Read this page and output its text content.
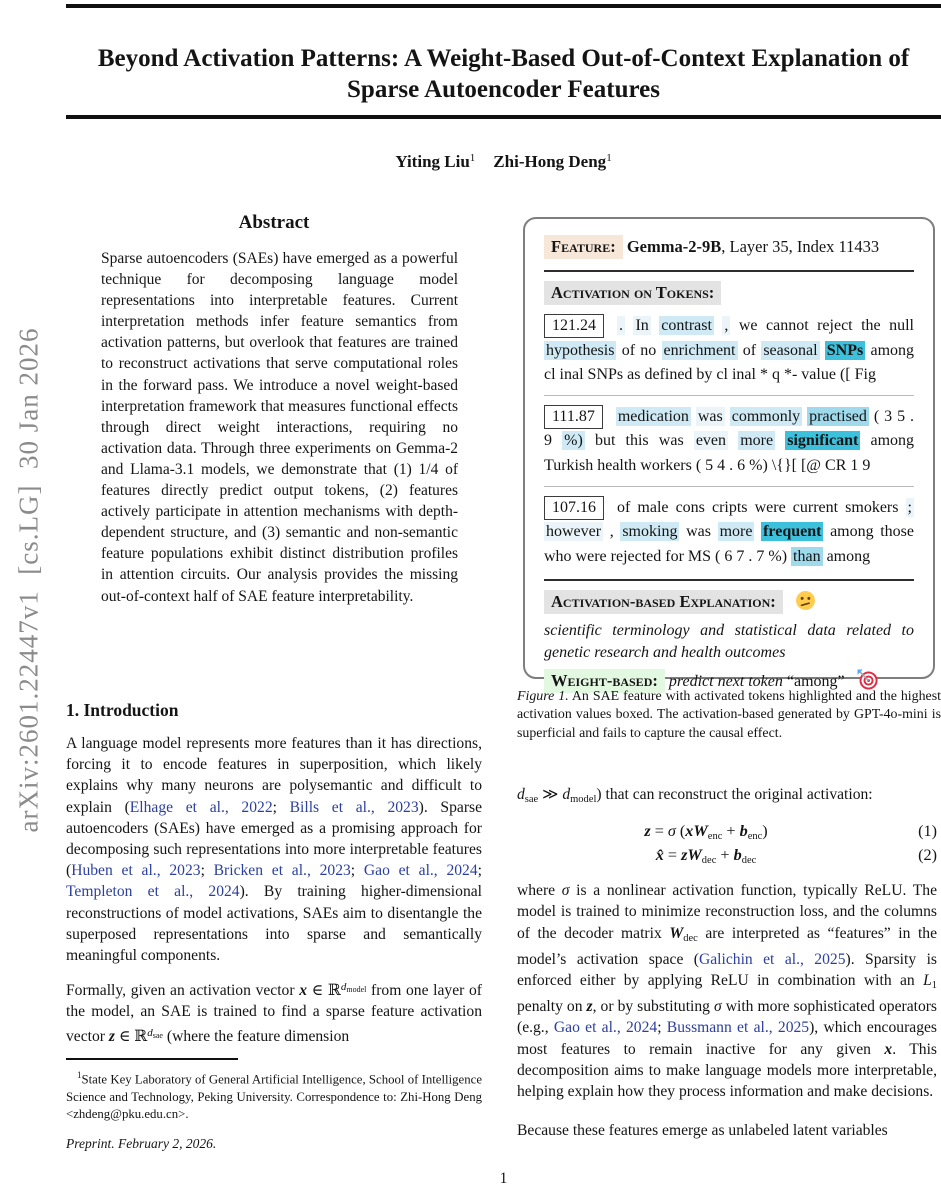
arXiv:2601.22447v1  [cs.LG]  30 Jan 2026
Beyond Activation Patterns: A Weight-Based Out-of-Context Explanation of Sparse Autoencoder Features
Yiting Liu$^1$ Zhi-Hong Deng$^1$
Abstract
Sparse autoencoders (SAEs) have emerged as a powerful technique for decomposing language model representations into interpretable features. Current interpretation methods infer feature semantics from activation patterns, but overlook that features are trained to reconstruct activations that serve computational roles in the forward pass. We introduce a novel weight-based interpretation framework that measures functional effects through direct weight interactions, requiring no activation data. Through three experiments on Gemma-2 and Llama-3.1 models, we demonstrate that (1) 1/4 of features directly predict output tokens, (2) features actively participate in attention mechanisms with depth-dependent structure, and (3) semantic and non-semantic feature populations exhibit distinct distribution profiles in attention circuits. Our analysis provides the missing out-of-context half of SAE feature interpretability.
1. Introduction

A language model represents more features than it has directions, forcing it to encode features in superposition, which likely explains why many neurons are polysemantic and difficult to explain (Elhage et al., 2022; Bills et al., 2023). Sparse autoencoders (SAEs) have emerged as a promising approach for decomposing such representations into more interpretable features (Huben et al., 2023; Bricken et al., 2023; Gao et al., 2024; Templeton et al., 2024). By training higher-dimensional reconstructions of model activations, SAEs aim to disentangle the superposed representations into sparse and semantically meaningful components.

Formally, given an activation vector x ∈ ℝ$^d$model from one layer of the model, an SAE is trained to find a sparse feature activation vector z ∈ ℝ$^d$sae (where the feature dimension

$^1$State Key Laboratory of General Artificial Intelligence, School of Intelligence Science and Technology, Peking University. Correspondence to: Zhi-Hong Deng <zhdeng@pku.edu.cn>.
Preprint. February 2, 2026.
Feature: Gemma-2-9B, Layer 35, Index 11433
Activation on Tokens:
121.24 . In contrast , we cannot reject the null hypothesis of no enrichment of seasonal SNPs among cl inal SNPs as defined by cl inal * q *- value ([ Fig
111.87 medication was commonly practised ( 3 5 . 9 %) but this was even more significant among Turkish health workers ( 5 4 . 6 %) \{}[ [@ CR 1 9
107.16 of male cons cripts were current smokers ; however , smoking was more frequent among those who were rejected for MS ( 6 7 . 7 %) than among
Activation-based Explanation:
scientific terminology and statistical data related to genetic research and health outcomes
Weight-based: predict next token “among”
Figure 1. An SAE feature with activated tokens highlighted and the highest activation values boxed. The activation-based generated by GPT-4o-mini is superficial and fails to capture the causal effect.

$d_{sae}$ ≫ $d_{model}$) that can reconstruct the original activation:

z = σ $(xW_{enc} + b_{enc})$	(1)
x̂ = $zW_{dec} + b_{dec}$	(2)

where σ is a nonlinear activation function, typically ReLU. The model is trained to minimize reconstruction loss, and the columns of the decoder matrix $W_{dec}$ are interpreted as “features” in the model’s activation space (Galichin et al., 2025). Sparsity is enforced either by applying ReLU in combination with an $L_1$ penalty on z, or by substituting σ with more sophisticated operators (e.g., Gao et al., 2024; Bussmann et al., 2025), which encourages most features to remain inactive for any given x. This decomposition aims to make language models more interpretable, helping explain how they process information and make decisions.

Because these features emerge as unlabeled latent variables

1
